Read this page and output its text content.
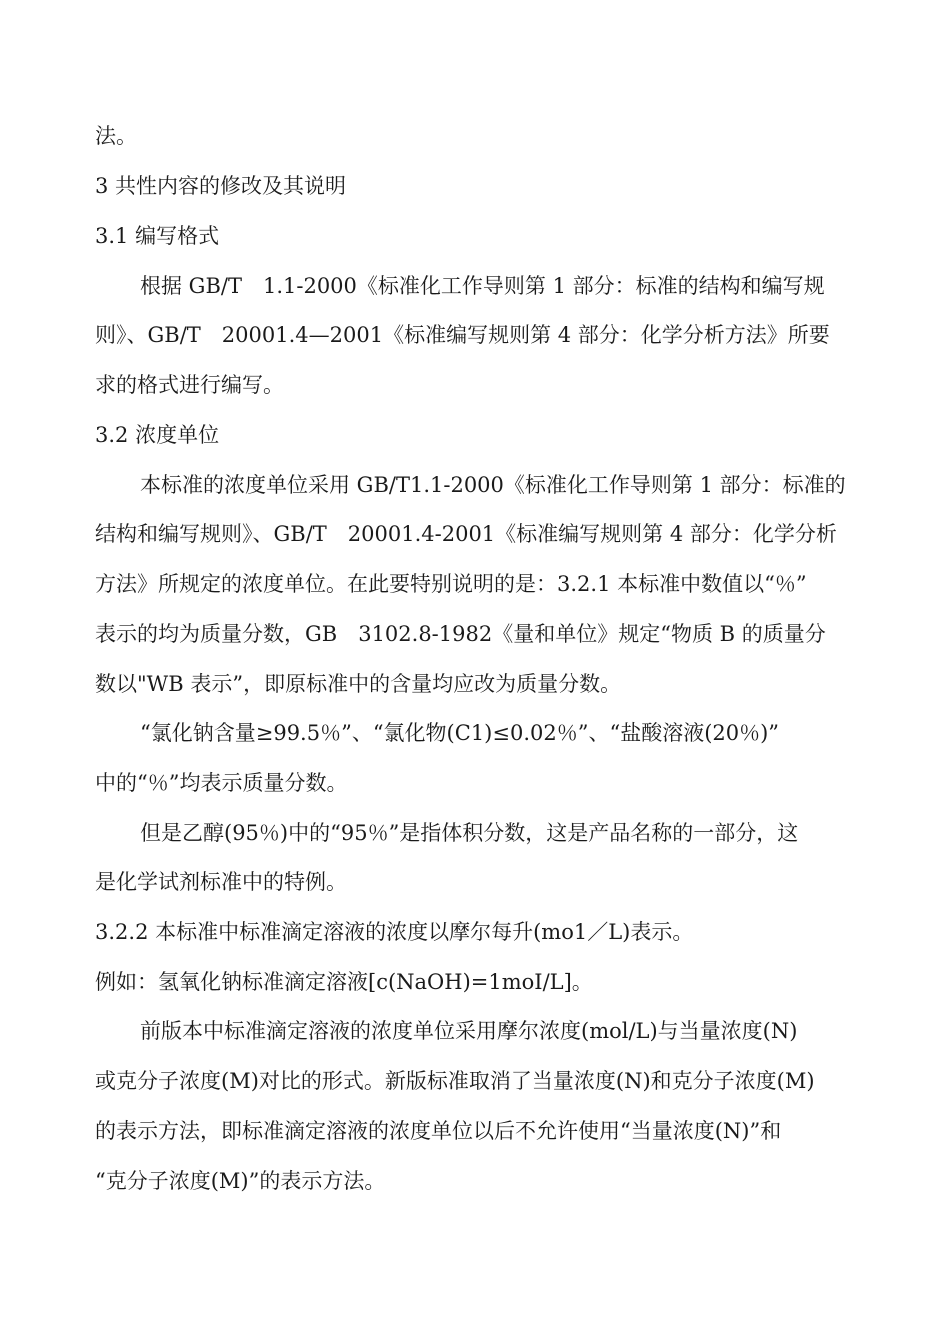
法。

3 共性内容的修改及其说明

3.1 编写格式

根据 GB/T　1.1-2000《标准化工作导则第 1 部分：标准的结构和编写规

则》、GB/T　20001.4—2001《标准编写规则第 4 部分：化学分析方法》所要

求的格式进行编写。

3.2 浓度单位

本标准的浓度单位采用 GB/T1.1-2000《标准化工作导则第 1 部分：标准的

结构和编写规则》、GB/T　20001.4-2001《标准编写规则第 4 部分：化学分析

方法》所规定的浓度单位。在此要特别说明的是：3.2.1 本标准中数值以“％”

表示的均为质量分数，GB　3102.8-1982《量和单位》规定“物质 B 的质量分

数以"WB 表示”，即原标准中的含量均应改为质量分数。

“氯化钠含量≥99.5％”、“氯化物(C1)≤0.02％”、“盐酸溶液(20％)”

中的“％”均表示质量分数。

但是乙醇(95％)中的“95％”是指体积分数，这是产品名称的一部分，这

是化学试剂标准中的特例。

3.2.2 本标准中标准滴定溶液的浓度以摩尔每升(mo1／L)表示。

例如：氢氧化钠标准滴定溶液[c(NaOH)=1moI/L]。

前版本中标准滴定溶液的浓度单位采用摩尔浓度(mol/L)与当量浓度(N)

或克分子浓度(M)对比的形式。新版标准取消了当量浓度(N)和克分子浓度(M)

的表示方法，即标准滴定溶液的浓度单位以后不允许使用“当量浓度(N)”和

“克分子浓度(M)”的表示方法。
